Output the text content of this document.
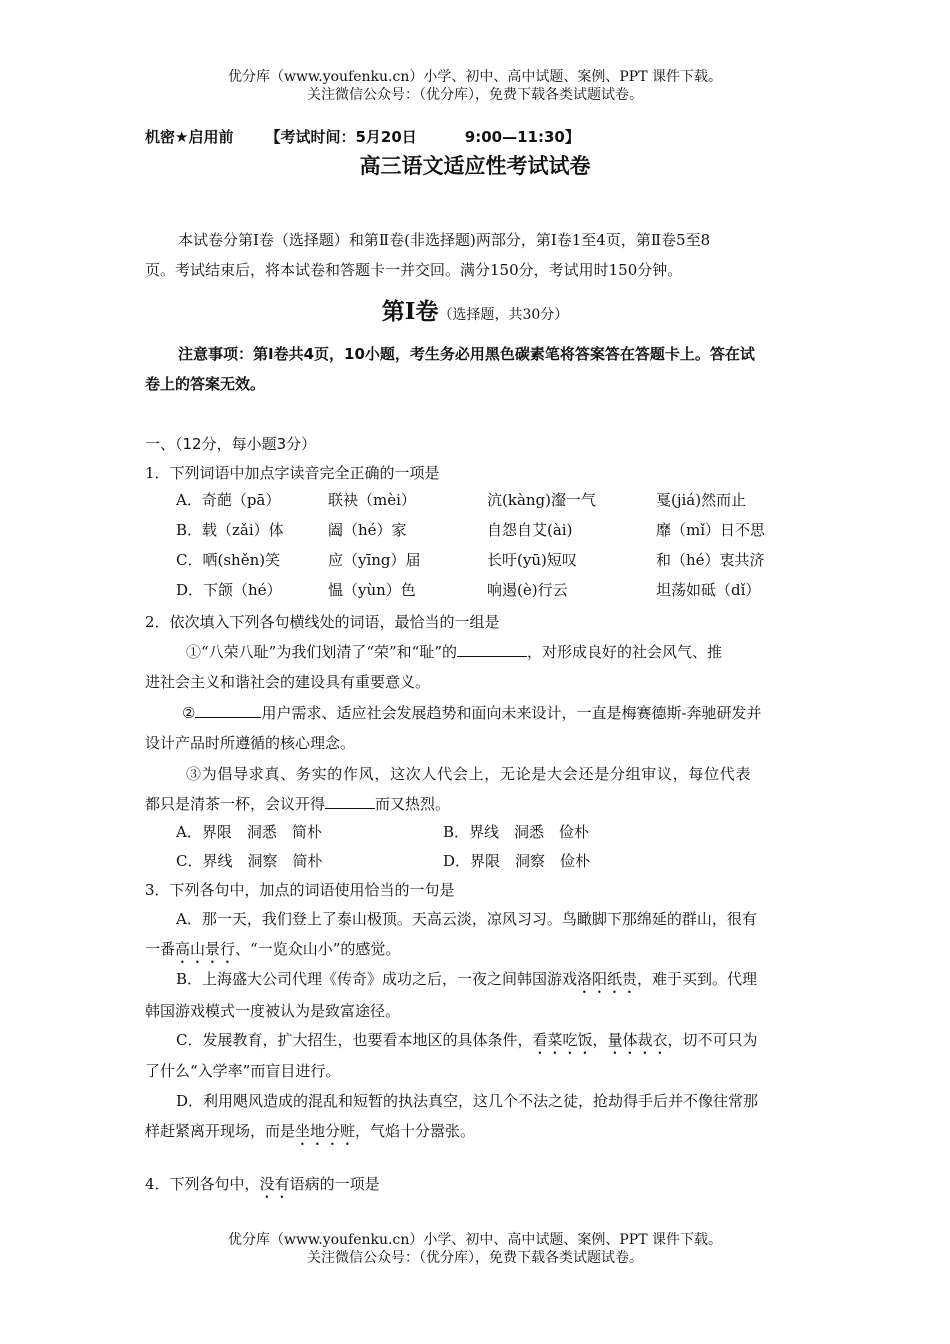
优分库（www.youfenku.cn）小学、初中、高中试题、案例、PPT 课件下载。
关注微信公众号：（优分库），免费下载各类试题试卷。
机密★启用前 【考试时间：5月20日	9:00—11:30】
高三语文适应性考试试卷
本试卷分第Ⅰ卷（选择题）和第Ⅱ卷(非选择题)两部分，第Ⅰ卷1至4页，第Ⅱ卷5至8
页。考试结束后，将本试卷和答题卡一并交回。满分150分，考试用时150分钟。
第Ⅰ卷（选择题，共30分）
注意事项：第Ⅰ卷共4页，10小题，考生务必用黑色碳素笔将答案答在答题卡上。答在试
卷上的答案无效。
一、（12分，每小题3分）
1．下列词语中加点字读音完全正确的一项是
A．奇葩（pā）	联袂（mèi）	沆(kàng)瀣一气	戛(jiá)然而止
B．载（zǎi）体	阖（hé）家	自怨自艾(ài)	靡（mǐ）日不思
C．哂(shěn)笑	应（yīng）届	长吁(yū)短叹	和（hé）衷共济
D．下颌（hé）	愠（yùn）色	响遏(è)行云	坦荡如砥（dǐ）
2．依次填入下列各句横线处的词语，最恰当的一组是
①“八荣八耻”为我们划清了“荣”和“耻”的	，对形成良好的社会风气、推
进社会主义和谐社会的建设具有重要意义。
②	用户需求、适应社会发展趋势和面向未来设计，一直是梅赛德斯-奔驰研发并
设计产品时所遵循的核心理念。
③为倡导求真、务实的作风，这次人代会上，无论是大会还是分组审议，每位代表
都只是清茶一杯，会议开得	而又热烈。
A．界限　洞悉　简朴	B．界线　洞悉　俭朴
C．界线　洞察　简朴	D．界限　洞察　俭朴
3．下列各句中，加点的词语使用恰当的一句是
A．那一天，我们登上了泰山极顶。天高云淡，凉风习习。鸟瞰脚下那绵延的群山，很有
一番高山景行、“一览众山小”的感觉。
B．上海盛大公司代理《传奇》成功之后，一夜之间韩国游戏洛阳纸贵，难于买到。代理
韩国游戏模式一度被认为是致富途径。
C．发展教育，扩大招生，也要看本地区的具体条件，看菜吃饭，量体裁衣，切不可只为
了什么“入学率”而盲目进行。
D．利用飓风造成的混乱和短暂的执法真空，这几个不法之徒，抢劫得手后并不像往常那
样赶紧离开现场，而是坐地分赃，气焰十分嚣张。
4．下列各句中，没有语病的一项是
优分库（www.youfenku.cn）小学、初中、高中试题、案例、PPT 课件下载。
关注微信公众号：（优分库），免费下载各类试题试卷。
